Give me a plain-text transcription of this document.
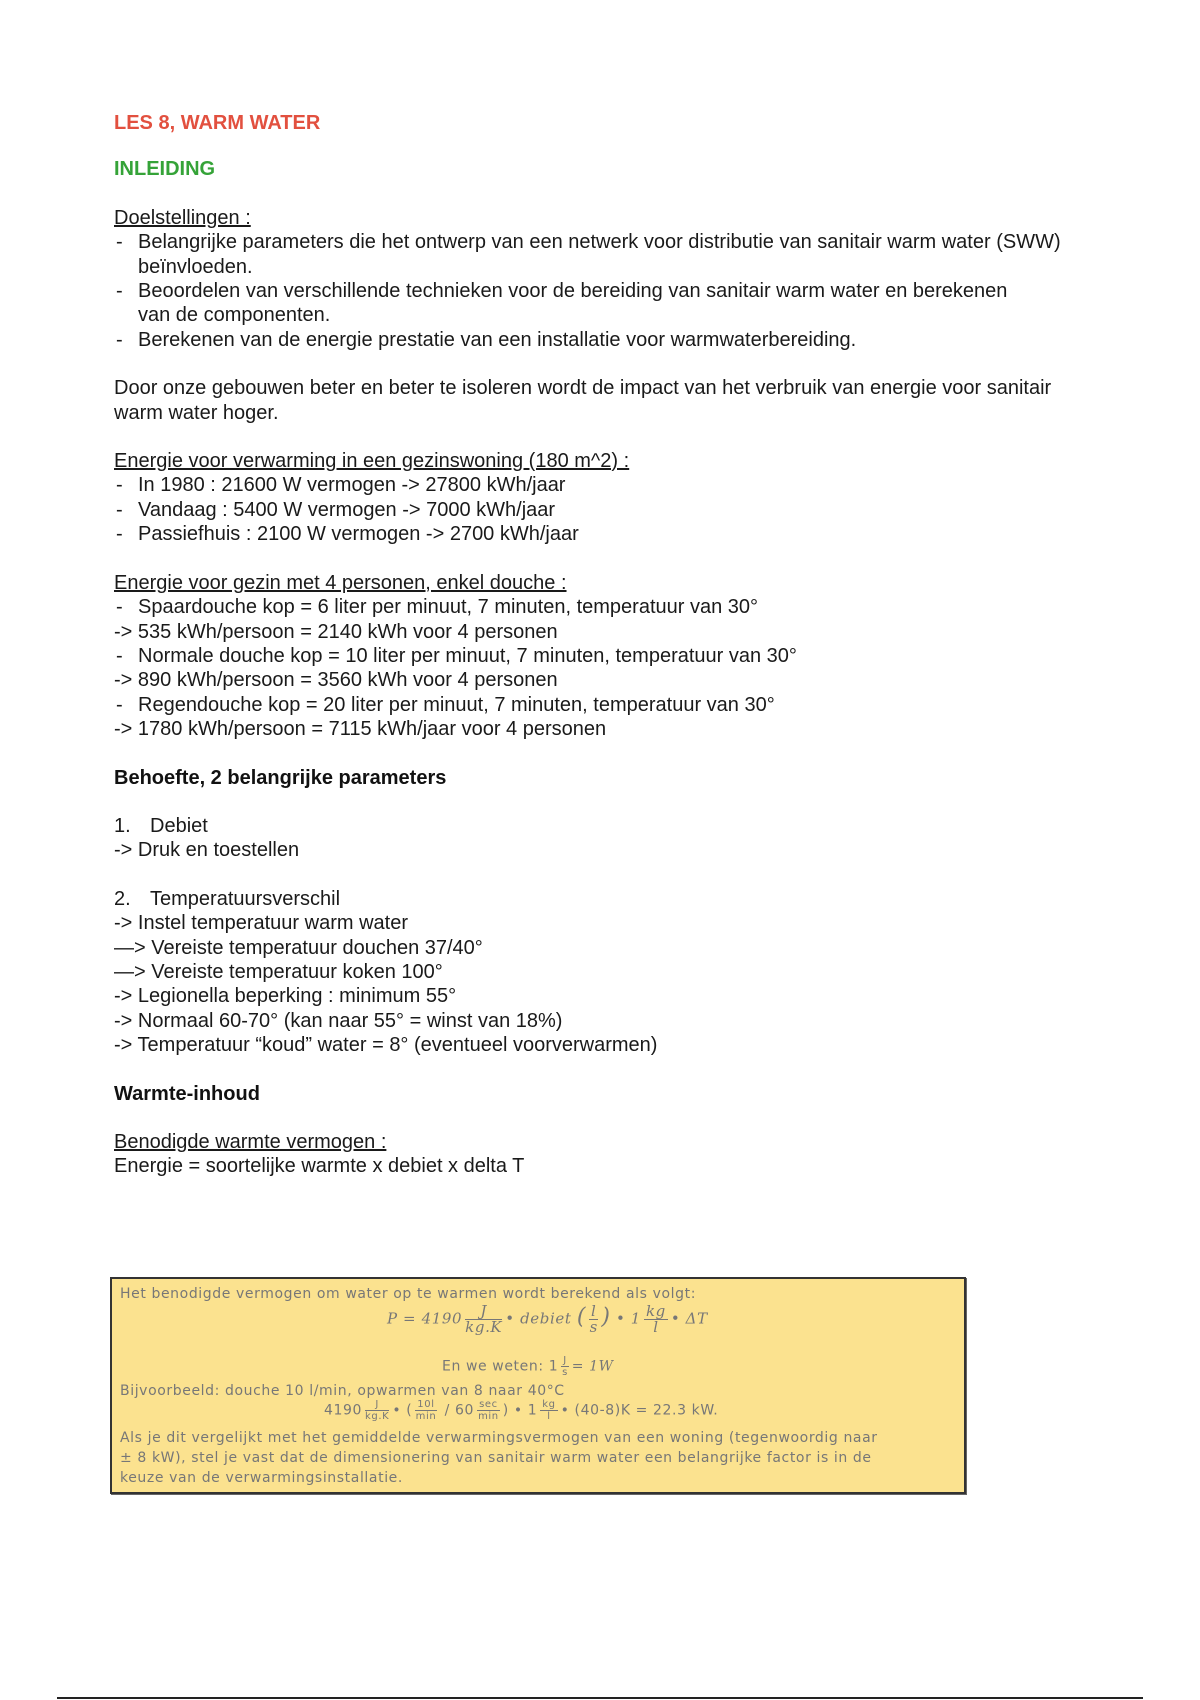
LES 8, WARM WATER
INLEIDING
Doelstellingen :
- Belangrijke parameters die het ontwerp van een netwerk voor distributie van sanitair warm water (SWW) beïnvloeden.
- Beoordelen van verschillende technieken voor de bereiding van sanitair warm water en berekenen van de componenten.
- Berekenen van de energie prestatie van een installatie voor warmwaterbereiding.

Door onze gebouwen beter en beter te isoleren wordt de impact van het verbruik van energie voor sanitair warm water hoger.

Energie voor verwarming in een gezinswoning (180 m^2) :
- In 1980 : 21600 W vermogen -> 27800 kWh/jaar
- Vandaag : 5400 W vermogen -> 7000 kWh/jaar
- Passiefhuis : 2100 W vermogen -> 2700 kWh/jaar
Energie voor gezin met 4 personen, enkel douche :
- Spaardouche kop = 6 liter per minuut, 7 minuten, temperatuur van 30°
-> 535 kWh/persoon = 2140 kWh voor 4 personen
- Normale douche kop = 10 liter per minuut, 7 minuten, temperatuur van 30°
-> 890 kWh/persoon = 3560 kWh voor 4 personen
- Regendouche kop = 20 liter per minuut, 7 minuten, temperatuur van 30°
-> 1780 kWh/persoon = 7115 kWh/jaar voor 4 personen
Behoefte, 2 belangrijke parameters
1. Debiet
-> Druk en toestellen
2. Temperatuursverschil
-> Instel temperatuur warm water
—> Vereiste temperatuur douchen 37/40°
—> Vereiste temperatuur koken 100°
-> Legionella beperking : minimum 55°
-> Normaal 60-70° (kan naar 55° = winst van 18%)
-> Temperatuur “koud” water = 8° (eventueel voorverwarmen)
Warmte-inhoud
Benodigde warmte vermogen :
Energie = soortelijke warmte x debiet x delta T
Het benodigde vermogen om water op te warmen wordt berekend als volgt:
$P = 4190 \frac{J}{kg.K}$ • debiet ( $\frac{l}{s}$ ) • $1 \frac{kg}{l}$ • ΔT
En we weten: $1 \frac{J}{s} = 1W$
Bijvoorbeeld: douche 10 l/min, opwarmen van 8 naar 40°C
$4190 \frac{J}{kg.K}$ • ( $\frac{10l}{\min} / 60 \frac{\sec}{\min}$ ) • $1 \frac{kg}{l}$ • (40-8)K = 22.3 kW.
Als je dit vergelijkt met het gemiddelde verwarmingsvermogen van een woning (tegenwoordig naar
± 8 kW), stel je vast dat de dimensionering van sanitair warm water een belangrijke factor is in de
keuze van de verwarmingsinstallatie.
